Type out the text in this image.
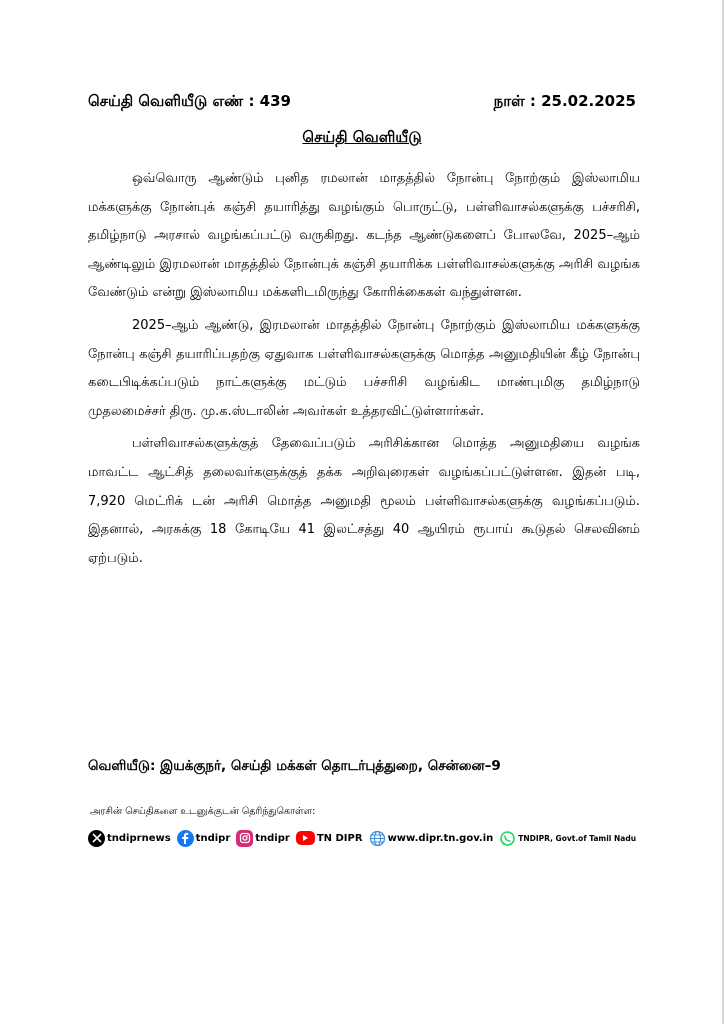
செய்தி வெளியீடு எண் : 439	நாள் : 25.02.2025
செய்தி வெளியீடு

ஒவ்வொரு ஆண்டும் புனித ரமலான் மாதத்தில் நோன்பு நோற்கும் இஸ்லாமிய மக்களுக்கு நோன்புக் கஞ்சி தயாரித்து வழங்கும் பொருட்டு, பள்ளிவாசல்களுக்கு பச்சரிசி, தமிழ்நாடு அரசால் வழங்கப்பட்டு வருகிறது. கடந்த ஆண்டுகளைப் போலவே, 2025–ஆம் ஆண்டிலும் இரமலான் மாதத்தில் நோன்புக் கஞ்சி தயாரிக்க பள்ளிவாசல்களுக்கு அரிசி வழங்க வேண்டும் என்று இஸ்லாமிய மக்களிடமிருந்து கோரிக்கைகள் வந்துள்ளன.

2025–ஆம் ஆண்டு, இரமலான் மாதத்தில் நோன்பு நோற்கும் இஸ்லாமிய மக்களுக்கு நோன்பு கஞ்சி தயாரிப்பதற்கு ஏதுவாக பள்ளிவாசல்களுக்கு மொத்த அனுமதியின் கீழ் நோன்பு கடைபிடிக்கப்படும் நாட்களுக்கு மட்டும் பச்சரிசி வழங்கிட மாண்புமிகு தமிழ்நாடு முதலமைச்சர் திரு. மு.க.ஸ்டாலின் அவர்கள் உத்தரவிட்டுள்ளார்கள்.

பள்ளிவாசல்களுக்குத் தேவைப்படும் அரிசிக்கான மொத்த அனுமதியை வழங்க மாவட்ட ஆட்சித் தலைவர்களுக்குத் தக்க அறிவுரைகள் வழங்கப்பட்டுள்ளன. இதன் படி, 7,920 மெட்ரிக் டன் அரிசி மொத்த அனுமதி மூலம் பள்ளிவாசல்களுக்கு வழங்கப்படும். இதனால், அரசுக்கு 18 கோடியே 41 இலட்சத்து 40 ஆயிரம் ரூபாய் கூடுதல் செலவினம் ஏற்படும்.

வெளியீடு: இயக்குநர், செய்தி மக்கள் தொடர்புத்துறை, சென்னை–9
அரசின் செய்திகளை உடனுக்குடன் தெரிந்துகொள்ள:
tndiprnews	tndipr	tndipr	TN DIPR	www.dipr.tn.gov.in	TNDIPR, Govt.of Tamil Nadu
